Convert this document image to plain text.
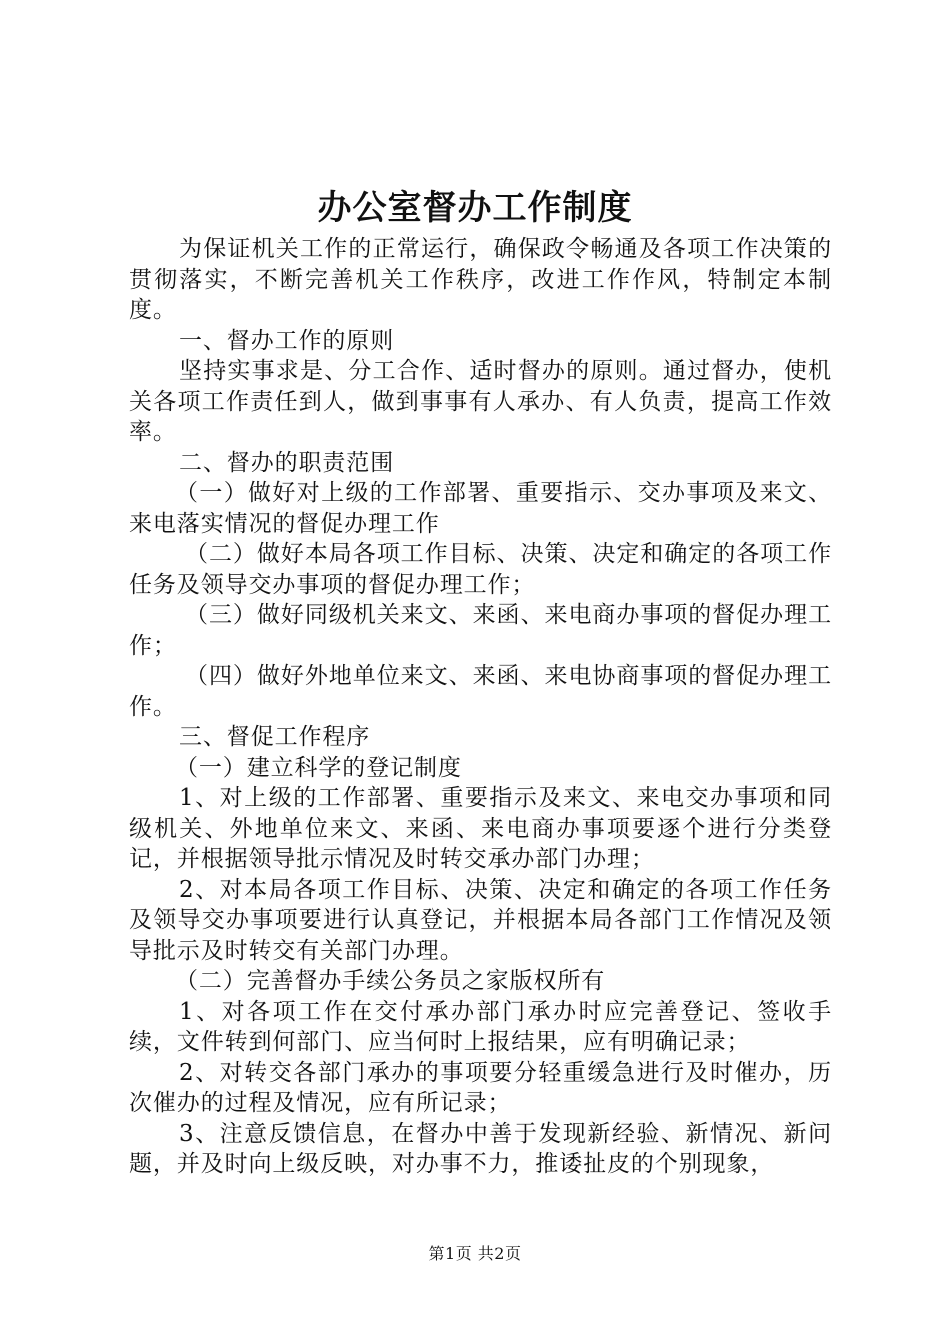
办公室督办工作制度

为保证机关工作的正常运行，确保政令畅通及各项工作决策的贯彻落实，不断完善机关工作秩序，改进工作作风，特制定本制度。

一、督办工作的原则

坚持实事求是、分工合作、适时督办的原则。通过督办，使机关各项工作责任到人，做到事事有人承办、有人负责，提高工作效率。

二、督办的职责范围

（一）做好对上级的工作部署、重要指示、交办事项及来文、来电落实情况的督促办理工作

（二）做好本局各项工作目标、决策、决定和确定的各项工作任务及领导交办事项的督促办理工作；

（三）做好同级机关来文、来函、来电商办事项的督促办理工作；

（四）做好外地单位来文、来函、来电协商事项的督促办理工作。

三、督促工作程序

（一）建立科学的登记制度

1、对上级的工作部署、重要指示及来文、来电交办事项和同级机关、外地单位来文、来函、来电商办事项要逐个进行分类登记，并根据领导批示情况及时转交承办部门办理；

2、对本局各项工作目标、决策、决定和确定的各项工作任务及领导交办事项要进行认真登记，并根据本局各部门工作情况及领导批示及时转交有关部门办理。

（二）完善督办手续公务员之家版权所有

1、对各项工作在交付承办部门承办时应完善登记、签收手续，文件转到何部门、应当何时上报结果，应有明确记录；

2、对转交各部门承办的事项要分轻重缓急进行及时催办，历次催办的过程及情况，应有所记录；

3、注意反馈信息，在督办中善于发现新经验、新情况、新问题，并及时向上级反映，对办事不力，推诿扯皮的个别现象，

第1页 共2页
